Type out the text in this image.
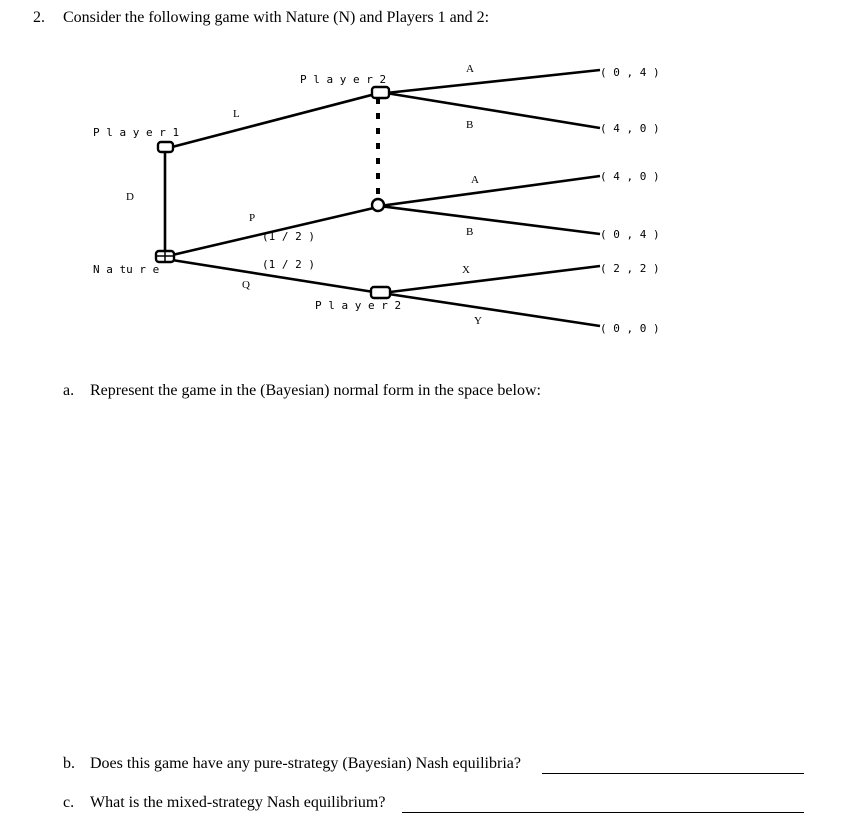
2. Consider the following game with Nature (N) and Players 1 and 2:
P l a y e r 1
P l a y e r 2
P l a y e r 2
N a tu r e
L
D
P
Q
A
B
A
B
X
Y
(1 / 2 )
(1 / 2 )
( 0 , 4 )
( 4 , 0 )
( 4 , 0 )
( 0 , 4 )
( 2 , 2 )
( 0 , 0 )
a. Represent the game in the (Bayesian) normal form in the space below:
b. Does this game have any pure-strategy (Bayesian) Nash equilibria?
c. What is the mixed-strategy Nash equilibrium?
